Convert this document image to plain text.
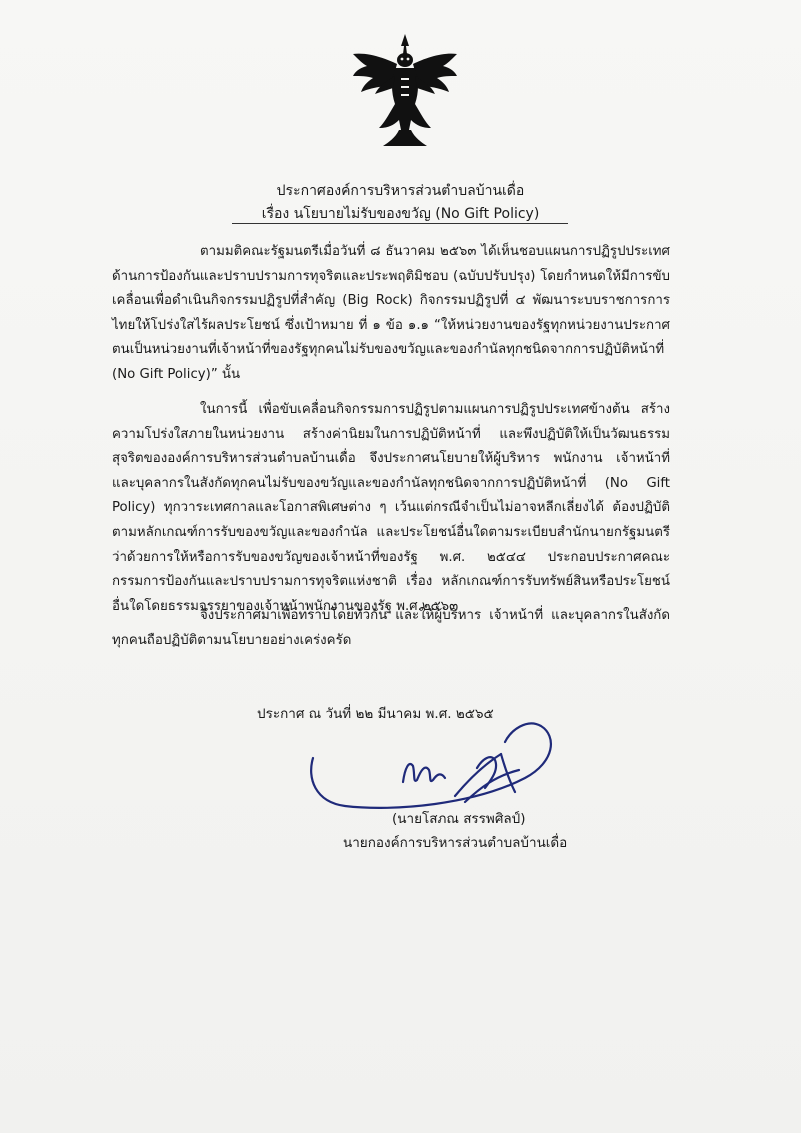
ประกาศองค์การบริหารส่วนตำบลบ้านเดื่อ
เรื่อง นโยบายไม่รับของขวัญ (No Gift Policy)

ตามมติคณะรัฐมนตรีเมื่อวันที่ ๘ ธันวาคม ๒๕๖๓ ได้เห็นชอบแผนการปฏิรูปประเทศด้านการป้องกันและปราบปรามการทุจริตและประพฤติมิชอบ (ฉบับปรับปรุง) โดยกำหนดให้มีการขับเคลื่อนเพื่อดำเนินกิจกรรมปฏิรูปที่สำคัญ (Big Rock) กิจกรรมปฏิรูปที่ ๔ พัฒนาระบบราชการการไทยให้โปร่งใสไร้ผลประโยชน์ ซึ่งเป้าหมาย ที่ ๑ ข้อ ๑.๑ “ให้หน่วยงานของรัฐทุกหน่วยงานประกาศตนเป็นหน่วยงานที่เจ้าหน้าที่ของรัฐทุกคนไม่รับของขวัญและของกำนัลทุกชนิดจากการปฏิบัติหน้าที่ (No Gift Policy)” นั้น

ในการนี้ เพื่อขับเคลื่อนกิจกรรมการปฏิรูปตามแผนการปฏิรูปประเทศข้างต้น สร้างความโปร่งใสภายในหน่วยงาน สร้างค่านิยมในการปฏิบัติหน้าที่ และพึงปฏิบัติให้เป็นวัฒนธรรมสุจริตขององค์การบริหารส่วนตำบลบ้านเดื่อ จึงประกาศนโยบายให้ผู้บริหาร พนักงาน เจ้าหน้าที่ และบุคลากรในสังกัดทุกคนไม่รับของขวัญและของกำนัลทุกชนิดจากการปฏิบัติหน้าที่ (No Gift Policy) ทุกวาระเทศกาลและโอกาสพิเศษต่าง ๆ เว้นแต่กรณีจำเป็นไม่อาจหลีกเลี่ยงได้ ต้องปฏิบัติตามหลักเกณฑ์การรับของขวัญและของกำนัล และประโยชน์อื่นใดตามระเบียบสำนักนายกรัฐมนตรีว่าด้วยการให้หรือการรับของขวัญของเจ้าหน้าที่ของรัฐ พ.ศ. ๒๕๔๔ ประกอบประกาศคณะกรรมการป้องกันและปราบปรามการทุจริตแห่งชาติ เรื่อง หลักเกณฑ์การรับทรัพย์สินหรือประโยชน์อื่นใดโดยธรรมจรรยาของเจ้าหน้าพนักงานของรัฐ พ.ศ.๒๕๖๓

จึงประกาศมาเพื่อทราบโดยทั่วกัน และให้ผู้บริหาร เจ้าหน้าที่ และบุคลากรในสังกัดทุกคนถือปฏิบัติตามนโยบายอย่างเคร่งครัด

ประกาศ ณ วันที่ ๒๒ มีนาคม พ.ศ. ๒๕๖๕
(นายโสภณ สรรพศิลป์)
นายกองค์การบริหารส่วนตำบลบ้านเดื่อ
